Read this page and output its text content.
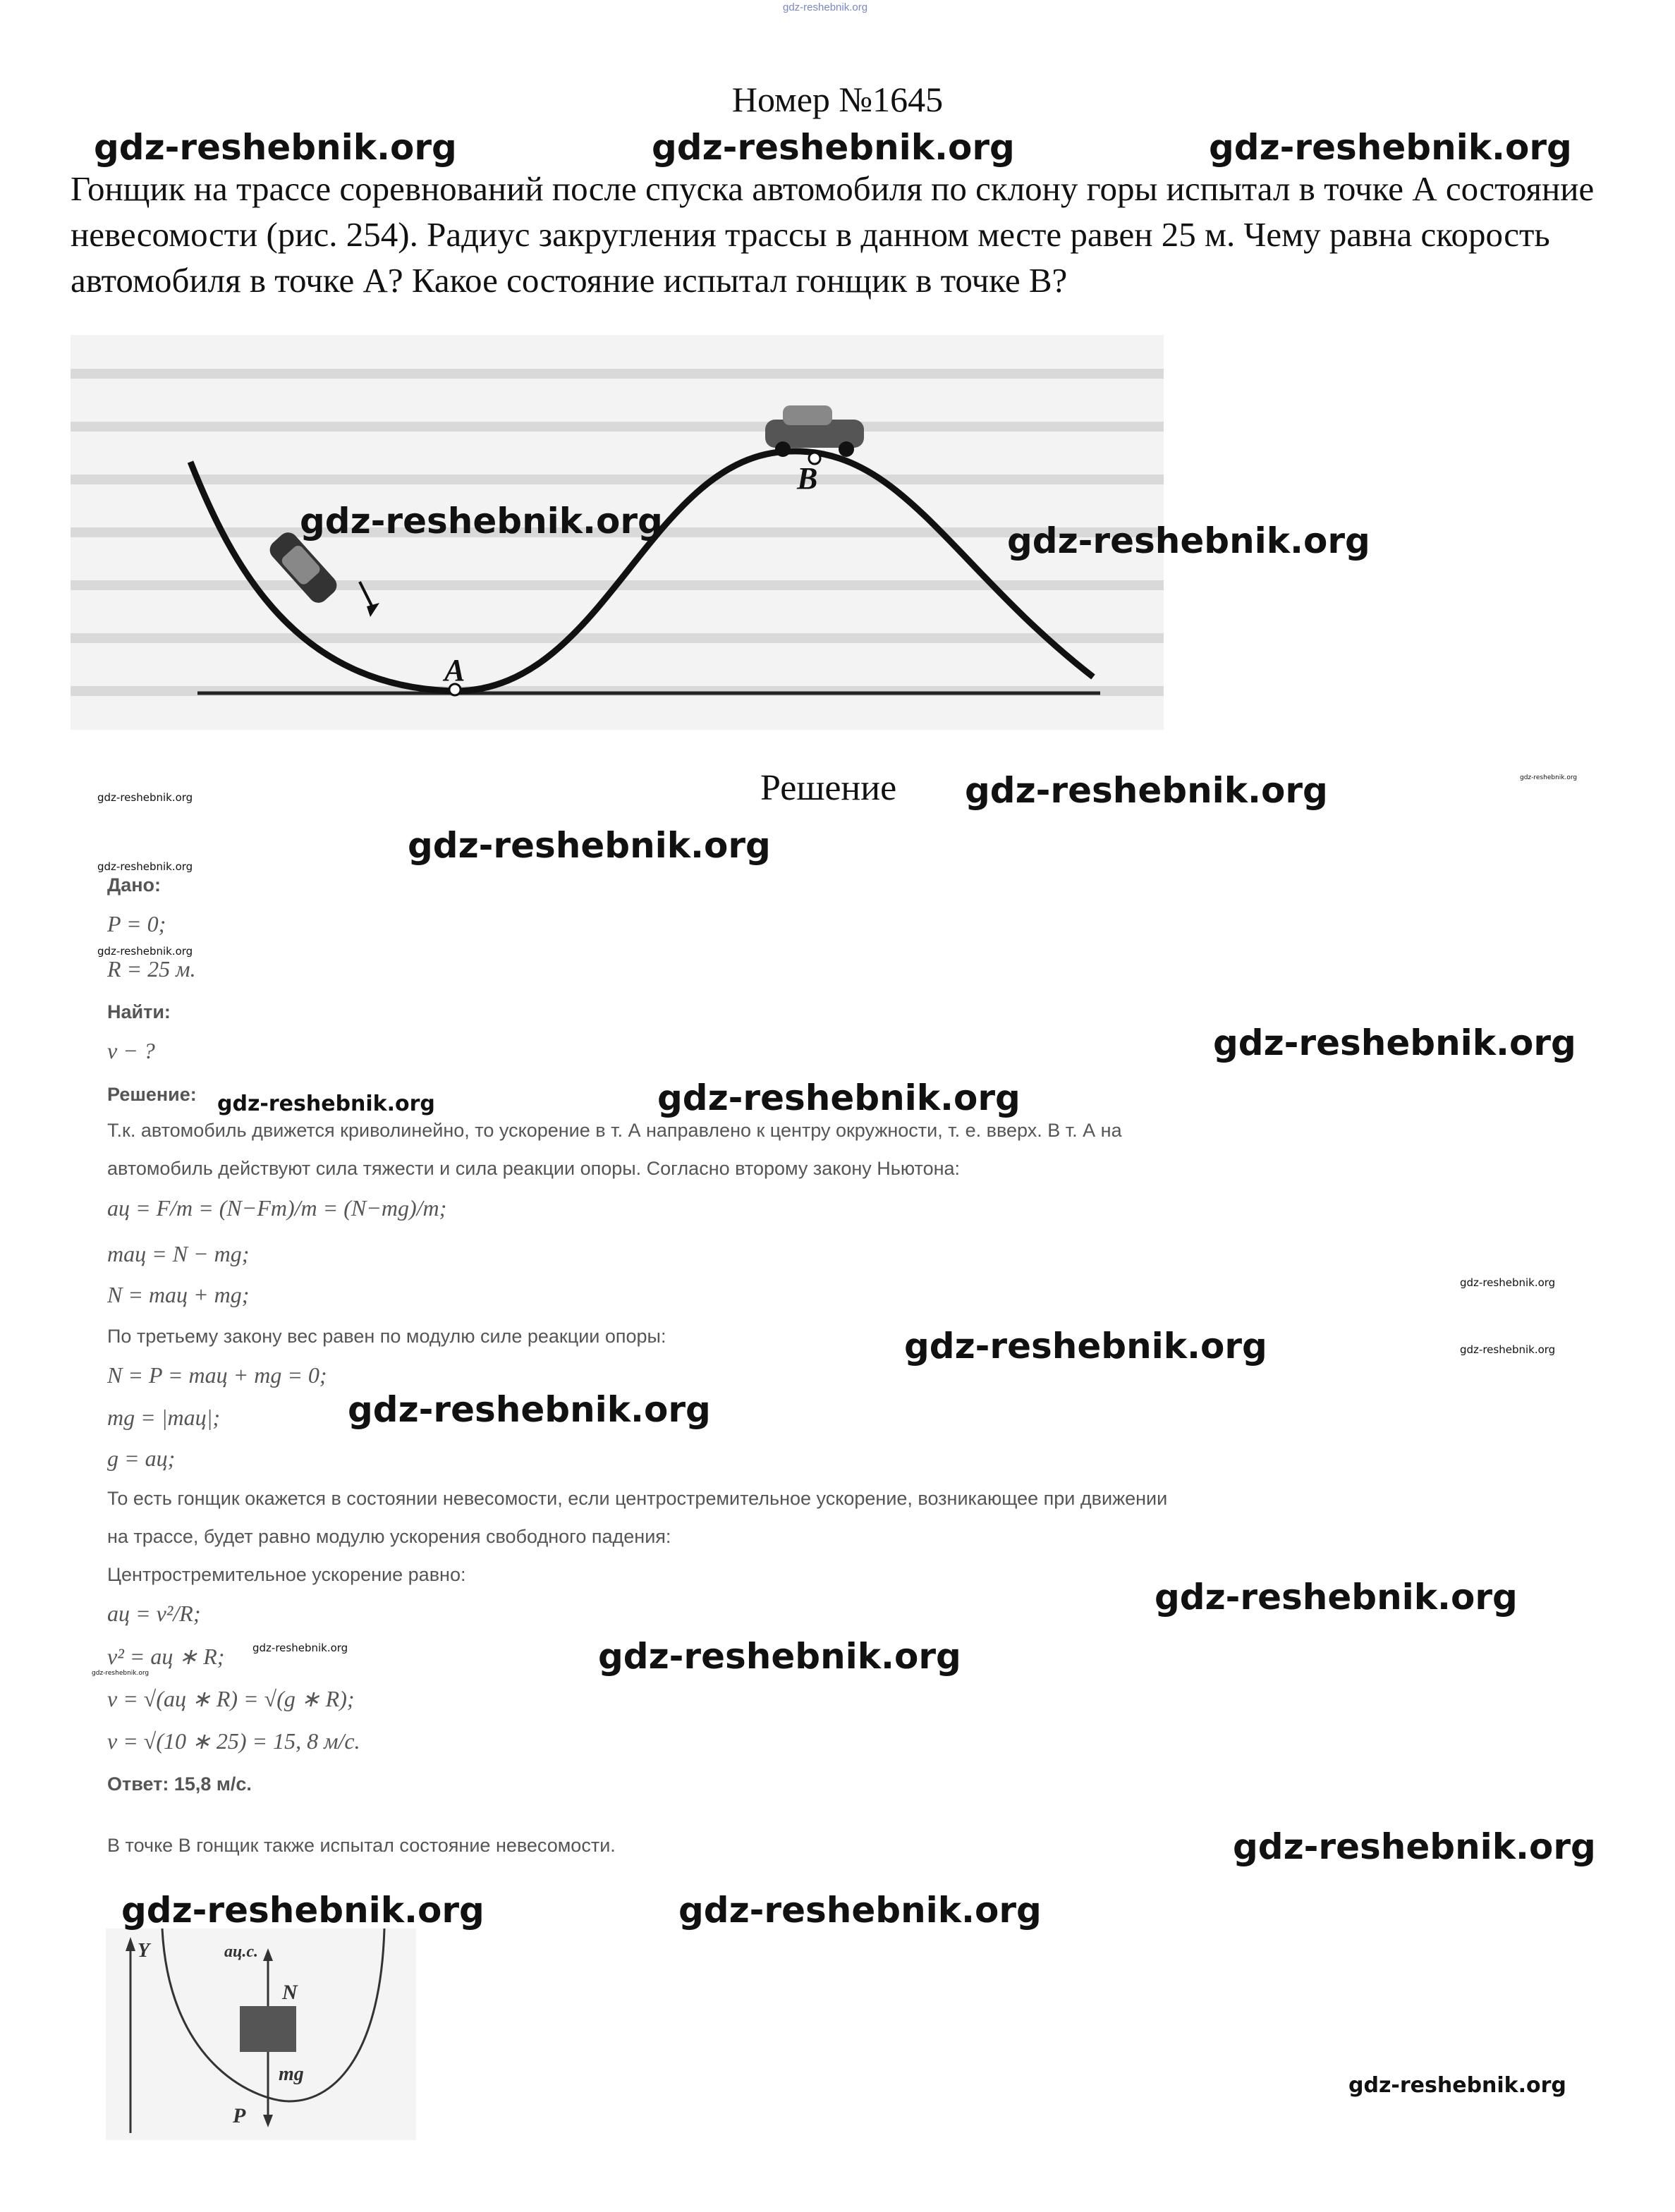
gdz-reshebnik.org
Номер №1645
Гонщик на трассе соревнований после спуска автомобиля по склону горы испытал в точке А состояние невесомости (рис. 254). Радиус закругления трассы в данном месте равен 25 м. Чему равна скорость автомобиля в точке А? Какое состояние испытал гонщик в точке В?
A
B
Решение
Дано:
P = 0;
R = 25 м.
Найти:
v − ?
Решение:
Т.к. автомобиль движется криволинейно, то ускорение в т. А направлено к центру окружности, т. е. вверх. В т. А на
автомобиль действуют сила тяжести и сила реакции опоры. Согласно второму закону Ньютона:
aц = F/m = (N−Fт)/m = (N−mg)/m;
maц = N − mg;
N = maц + mg;
По третьему закону вес равен по модулю силе реакции опоры:
N = P = maц + mg = 0;
mg = |maц|;
g = aц;
То есть гонщик окажется в состоянии невесомости, если центростремительное ускорение, возникающее при движении
на трассе, будет равно модулю ускорения свободного падения:
Центростремительное ускорение равно:
aц = v²/R;
v² = aц ∗ R;
v = √(aц ∗ R) = √(g ∗ R);
v = √(10 ∗ 25) = 15, 8 м/с.
Ответ: 15,8 м/с.
В точке B гонщик также испытал состояние невесомости.
Y	aц.с.
N
mg
P
gdz-reshebnik.org	gdz-reshebnik.org	gdz-reshebnik.org
gdz-reshebnik.org	gdz-reshebnik.org
gdz-reshebnik.org
gdz-reshebnik.org
gdz-reshebnik.org
gdz-reshebnik.org
gdz-reshebnik.org
gdz-reshebnik.org
gdz-reshebnik.org
gdz-reshebnik.org	gdz-reshebnik.org
gdz-reshebnik.org
gdz-reshebnik.org	gdz-reshebnik.org
gdz-reshebnik.org
gdz-reshebnik.org
gdz-reshebnik.org	gdz-reshebnik.org
gdz-reshebnik.org
gdz-reshebnik.org
gdz-reshebnik.org	gdz-reshebnik.org
gdz-reshebnik.org
